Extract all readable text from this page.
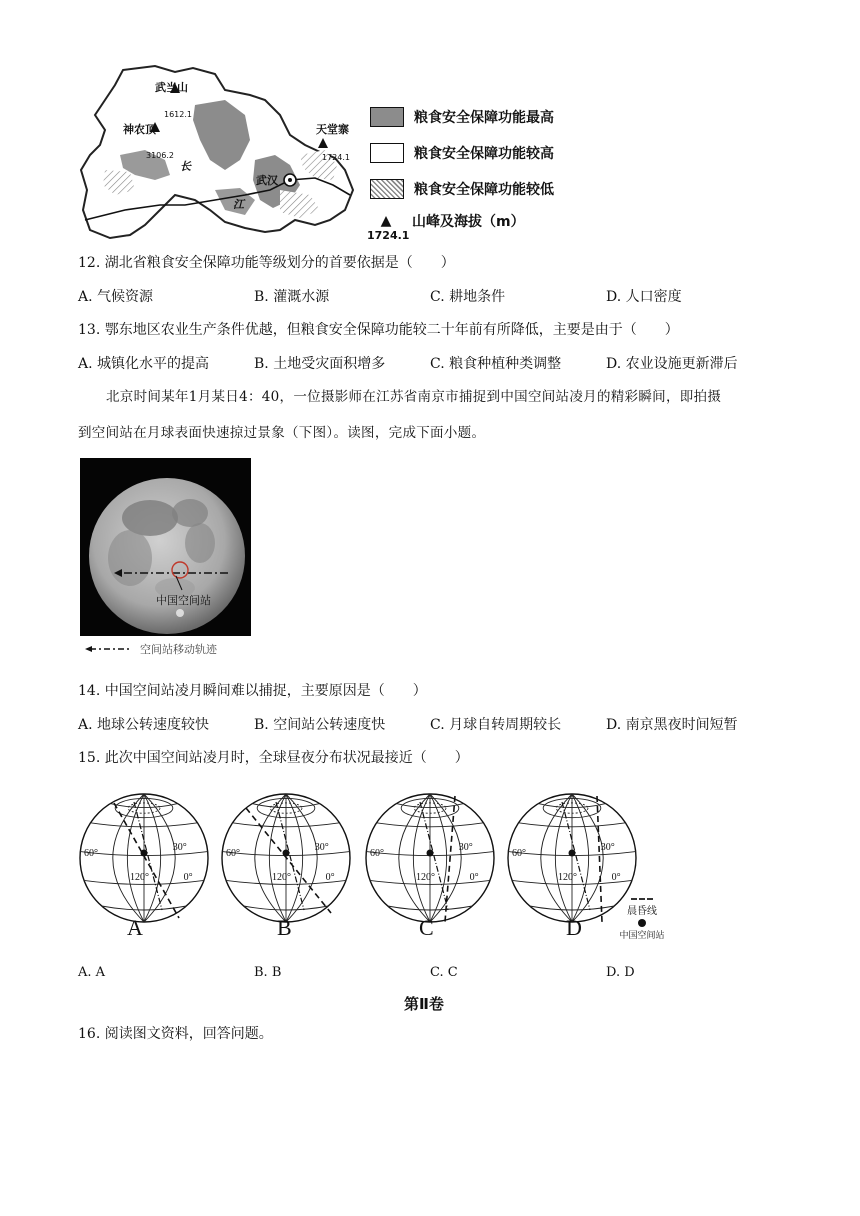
武当山
1612.1
神农顶
3106.2
天堂寨
1724.1
武汉
长
江
粮食安全保障功能最高
粮食安全保障功能较高
粮食安全保障功能较低
▲	山峰及海拔（m）
1724.1
12. 湖北省粮食安全保障功能等级划分的首要依据是（　　）
A. 气候资源	B. 灌溉水源	C. 耕地条件	D. 人口密度
13. 鄂东地区农业生产条件优越，但粮食安全保障功能较二十年前有所降低，主要是由于（　　）
A. 城镇化水平的提高	B. 土地受灾面积增多	C. 粮食种植种类调整	D. 农业设施更新滞后
北京时间某年1月某日4：40，一位摄影师在江苏省南京市捕捉到中国空间站凌月的精彩瞬间，即拍摄
到空间站在月球表面快速掠过景象（下图）。读图，完成下面小题。
中国空间站
空间站移动轨迹
14. 中国空间站凌月瞬间难以捕捉，主要原因是（　　）
A. 地球公转速度较快	B. 空间站公转速度快	C. 月球自转周期较长	D. 南京黑夜时间短暂
15. 此次中国空间站凌月时，全球昼夜分布状况最接近（　　）
60°
30°
120°	0°
60°
30°
120°	0°
60°
30°
120°	0°
60°
30°
120°	0°
A	B	C	D
晨昏线
中国空间站
A. A	B. B	C. C	D. D
第Ⅱ卷
16. 阅读图文资料，回答问题。
